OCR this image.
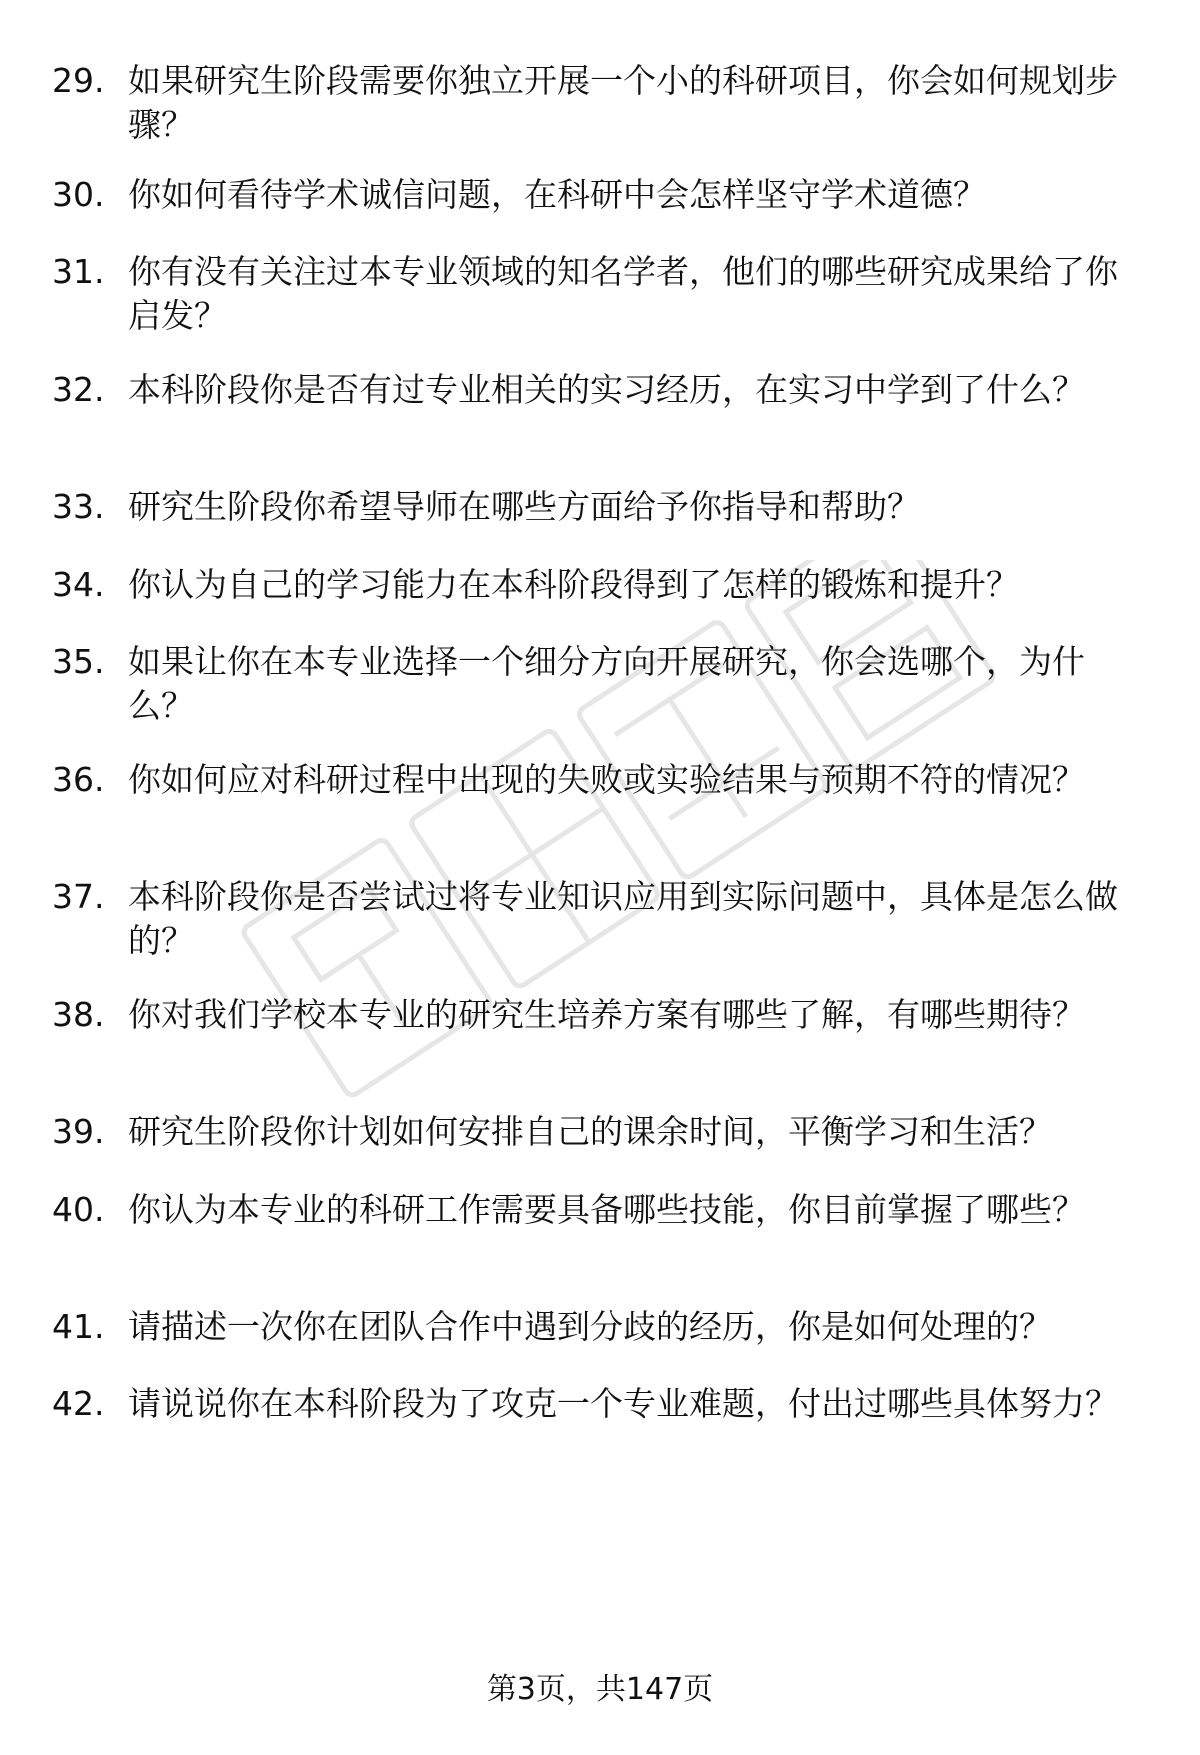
29. 如果研究生阶段需要你独立开展一个小的科研项目，你会如何规划步骤？
30. 你如何看待学术诚信问题，在科研中会怎样坚守学术道德？
31. 你有没有关注过本专业领域的知名学者，他们的哪些研究成果给了你启发？
32. 本科阶段你是否有过专业相关的实习经历，在实习中学到了什么？
33. 研究生阶段你希望导师在哪些方面给予你指导和帮助？
34. 你认为自己的学习能力在本科阶段得到了怎样的锻炼和提升？
35. 如果让你在本专业选择一个细分方向开展研究，你会选哪个，为什么？
36. 你如何应对科研过程中出现的失败或实验结果与预期不符的情况？
37. 本科阶段你是否尝试过将专业知识应用到实际问题中，具体是怎么做的？
38. 你对我们学校本专业的研究生培养方案有哪些了解，有哪些期待？
39. 研究生阶段你计划如何安排自己的课余时间，平衡学习和生活？
40. 你认为本专业的科研工作需要具备哪些技能，你目前掌握了哪些？
41. 请描述一次你在团队合作中遇到分歧的经历，你是如何处理的？
42. 请说说你在本科阶段为了攻克一个专业难题，付出过哪些具体努力？
第3页，共147页
